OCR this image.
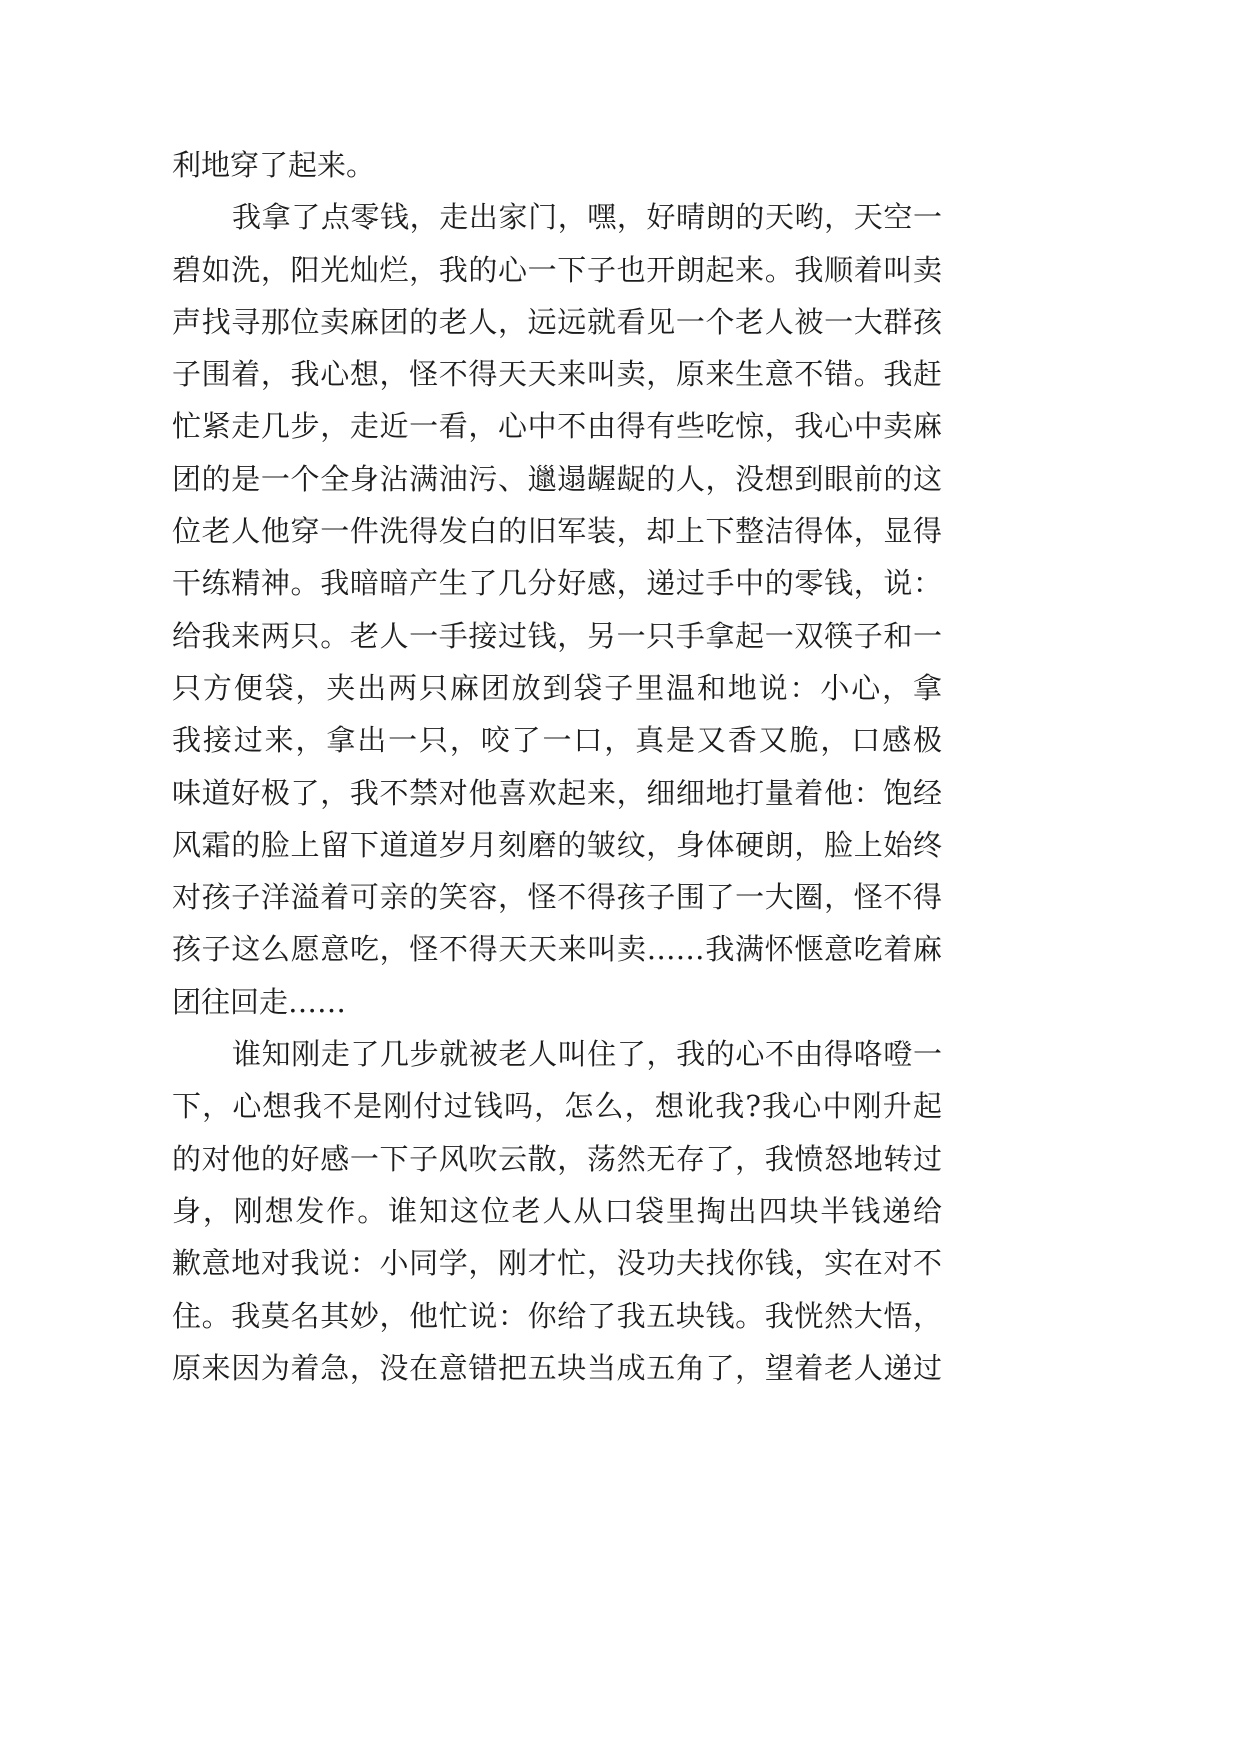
利地穿了起来。
我拿了点零钱，走出家门，嘿，好晴朗的天哟，天空一
碧如洗，阳光灿烂，我的心一下子也开朗起来。我顺着叫卖
声找寻那位卖麻团的老人，远远就看见一个老人被一大群孩
子围着，我心想，怪不得天天来叫卖，原来生意不错。我赶
忙紧走几步，走近一看，心中不由得有些吃惊，我心中卖麻
团的是一个全身沾满油污、邋遢龌龊的人，没想到眼前的这
位老人他穿一件洗得发白的旧军装，却上下整洁得体，显得
干练精神。我暗暗产生了几分好感，递过手中的零钱，说：
给我来两只。老人一手接过钱，另一只手拿起一双筷子和一
只方便袋，夹出两只麻团放到袋子里温和地说：小心，拿
我接过来，拿出一只，咬了一口，真是又香又脆，口感极
味道好极了，我不禁对他喜欢起来，细细地打量着他：饱经
风霜的脸上留下道道岁月刻磨的皱纹，身体硬朗，脸上始终
对孩子洋溢着可亲的笑容，怪不得孩子围了一大圈，怪不得
孩子这么愿意吃，怪不得天天来叫卖……我满怀惬意吃着麻
团往回走……
谁知刚走了几步就被老人叫住了，我的心不由得咯噔一
下，心想我不是刚付过钱吗，怎么，想讹我?我心中刚升起
的对他的好感一下子风吹云散，荡然无存了，我愤怒地转过
身，刚想发作。谁知这位老人从口袋里掏出四块半钱递给
歉意地对我说：小同学，刚才忙，没功夫找你钱，实在对不
住。我莫名其妙，他忙说：你给了我五块钱。我恍然大悟，
原来因为着急，没在意错把五块当成五角了，望着老人递过
